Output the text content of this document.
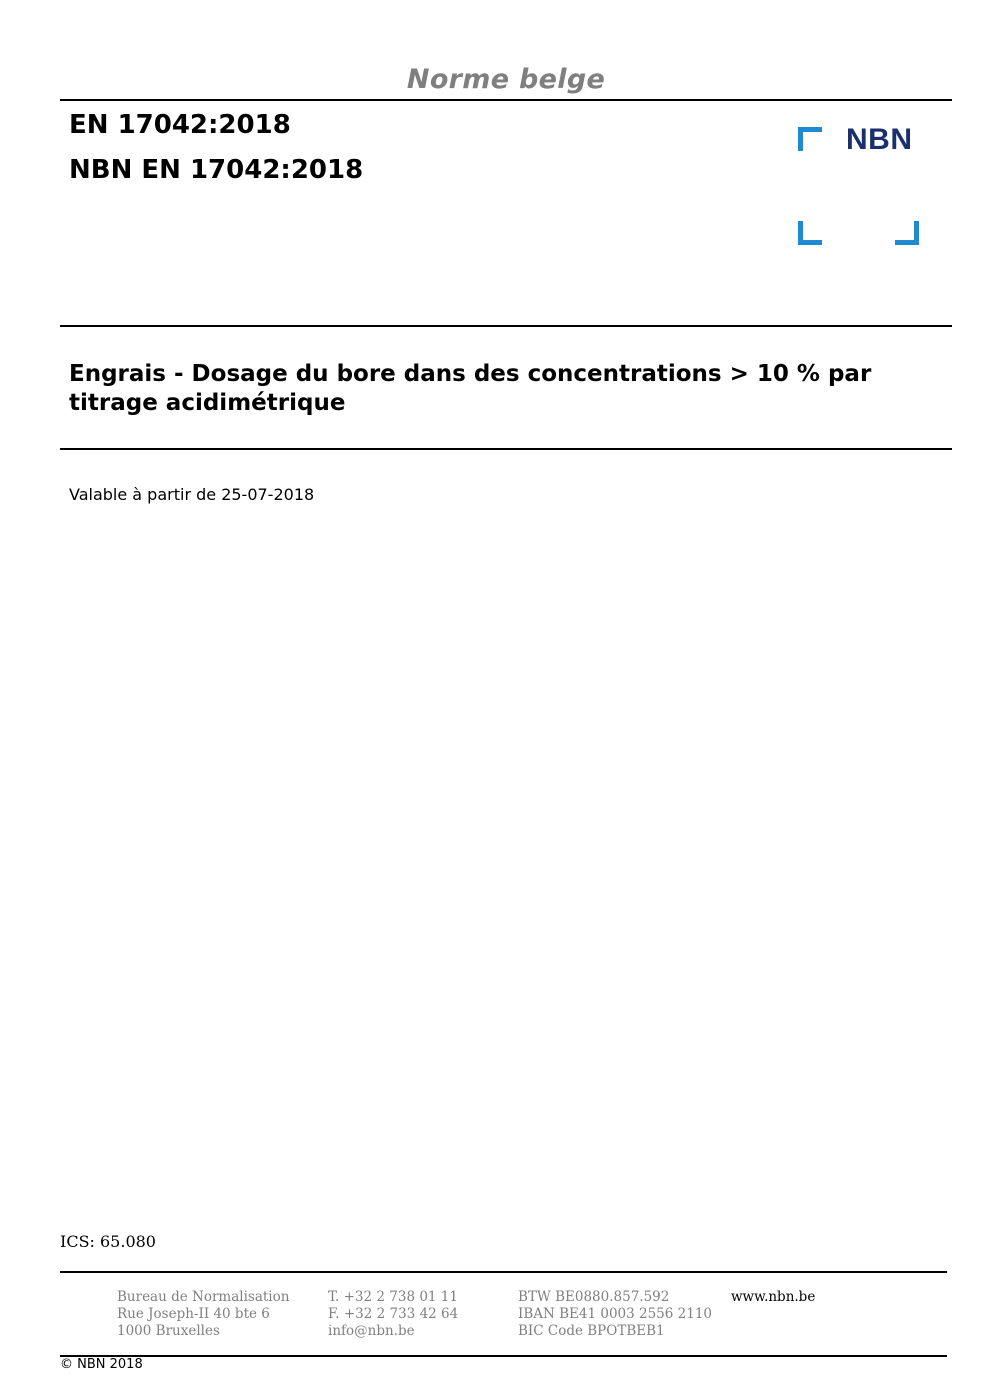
Norme belge
EN 17042:2018
NBN EN 17042:2018
NBN
Engrais - Dosage du bore dans des concentrations > 10 % par titrage acidimétrique
Valable à partir de 25-07-2018
ICS: 65.080
Bureau de Normalisation
Rue Joseph-II 40 bte 6
1000 Bruxelles
T. +32 2 738 01 11
F. +32 2 733 42 64
info@nbn.be
BTW BE0880.857.592
IBAN BE41 0003 2556 2110
BIC Code BPOTBEB1
www.nbn.be
© NBN 2018
